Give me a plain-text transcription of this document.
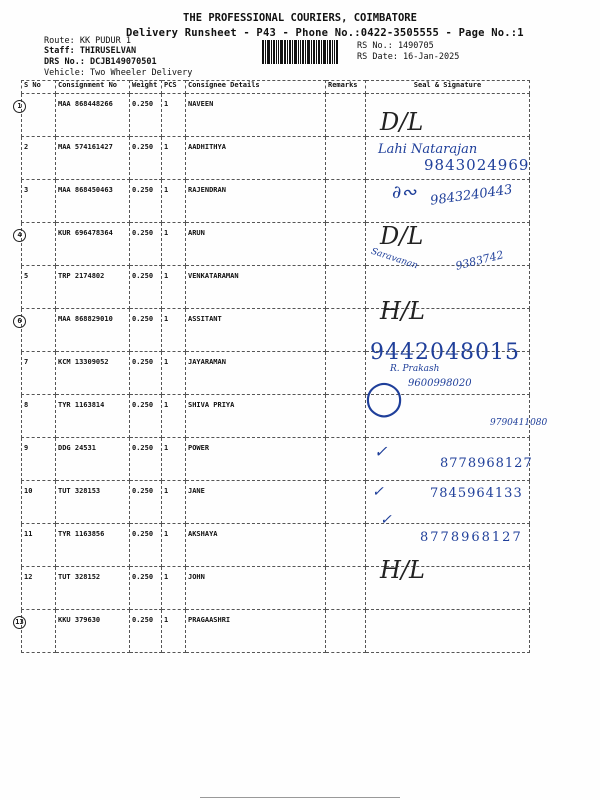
THE PROFESSIONAL COURIERS, COIMBATORE
Delivery Runsheet - P43 - Phone No.:0422-3505555 - Page No.:1
Route: KK PUDUR 1
Staff: THIRUSELVAN
DRS No.: DCJB149070501
Vehicle: Two Wheeler Delivery
RS No.: 1490705
RS Date: 16-Jan-2025
S No	Consignment No	Weight	PCS	Consignee Details	Remarks	Seal & Signature
1	MAA 868448266	0.250	1	NAVEEN		
2	MAA 574161427	0.250	1	AADHITHYA		
3	MAA 868450463	0.250	1	RAJENDRAN		
4	KUR 696478364	0.250	1	ARUN		
5	TRP 2174802	0.250	1	VENKATARAMAN		
6	MAA 868829010	0.250	1	ASSITANT		
7	KCM 13309052	0.250	1	JAYARAMAN		
8	TYR 1163814	0.250	1	SHIVA PRIYA		
9	DDG 24531	0.250	1	POWER		
10	TUT 328153	0.250	1	JANE		
11	TYR 1163856	0.250	1	AKSHAYA		
12	TUT 328152	0.250	1	JOHN		
13	KKU 379630	0.250	1	PRAGAASHRI		
D/L
Lahi Natarajan
9843024969
∂∾ 9843240443
D/L
Saravanan	9383742
H/L
9442048015
R. Prakash
9600998020
◯
9790411080
✓
8778968127
✓	7845964133
✓
8778968127
H/L
